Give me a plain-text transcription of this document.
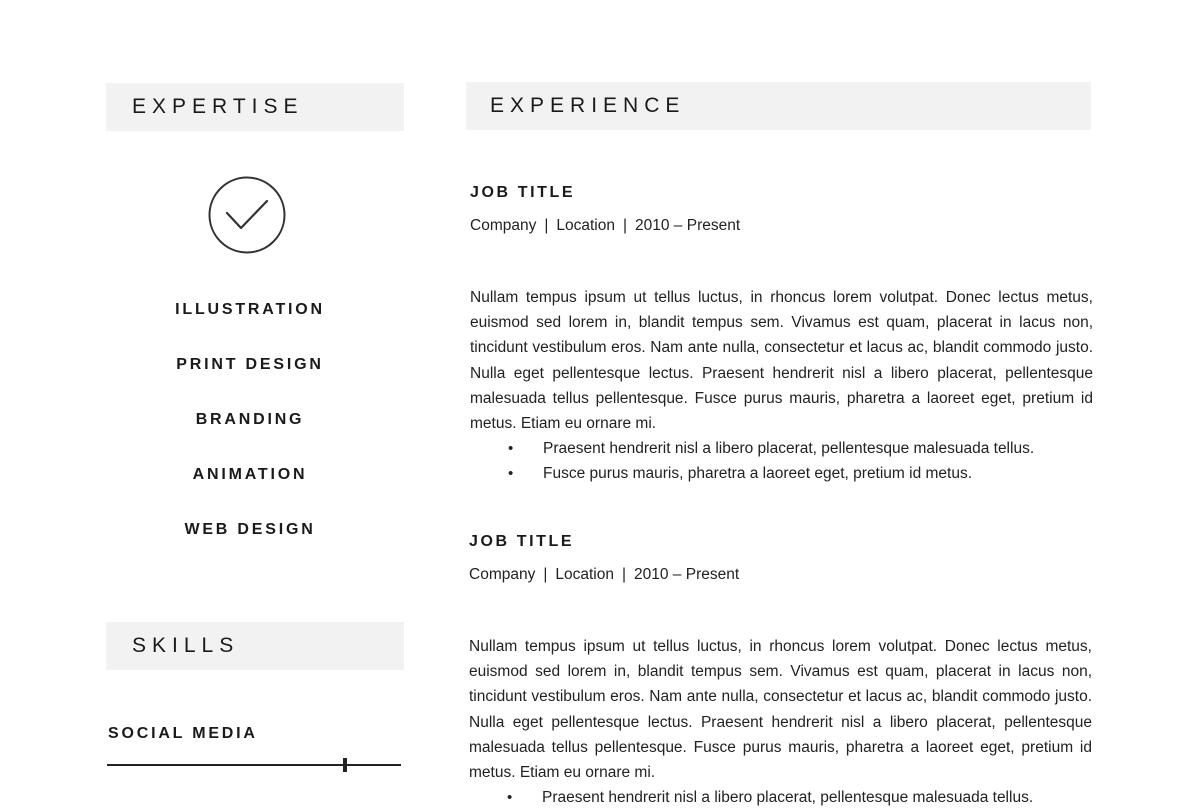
EXPERTISE
ILLUSTRATION
PRINT DESIGN
BRANDING
ANIMATION
WEB DESIGN
SKILLS
SOCIAL MEDIA
EXPERIENCE
JOB TITLE
Company | Location | 2010 – Present
Nullam tempus ipsum ut tellus luctus, in rhoncus lorem volutpat. Donec lectus metus, euismod sed lorem in, blandit tempus sem. Vivamus est quam, placerat in lacus non, tincidunt vestibulum eros. Nam ante nulla, consectetur et lacus ac, blandit commodo justo. Nulla eget pellentesque lectus. Praesent hendrerit nisl a libero placerat, pellentesque malesuada tellus pellentesque. Fusce purus mauris, pharetra a laoreet eget, pretium id metus. Etiam eu ornare mi.
• Praesent hendrerit nisl a libero placerat, pellentesque malesuada tellus.
• Fusce purus mauris, pharetra a laoreet eget, pretium id metus.
JOB TITLE
Company | Location | 2010 – Present
Nullam tempus ipsum ut tellus luctus, in rhoncus lorem volutpat. Donec lectus metus, euismod sed lorem in, blandit tempus sem. Vivamus est quam, placerat in lacus non, tincidunt vestibulum eros. Nam ante nulla, consectetur et lacus ac, blandit commodo justo. Nulla eget pellentesque lectus. Praesent hendrerit nisl a libero placerat, pellentesque malesuada tellus pellentesque. Fusce purus mauris, pharetra a laoreet eget, pretium id metus. Etiam eu ornare mi.
• Praesent hendrerit nisl a libero placerat, pellentesque malesuada tellus.
